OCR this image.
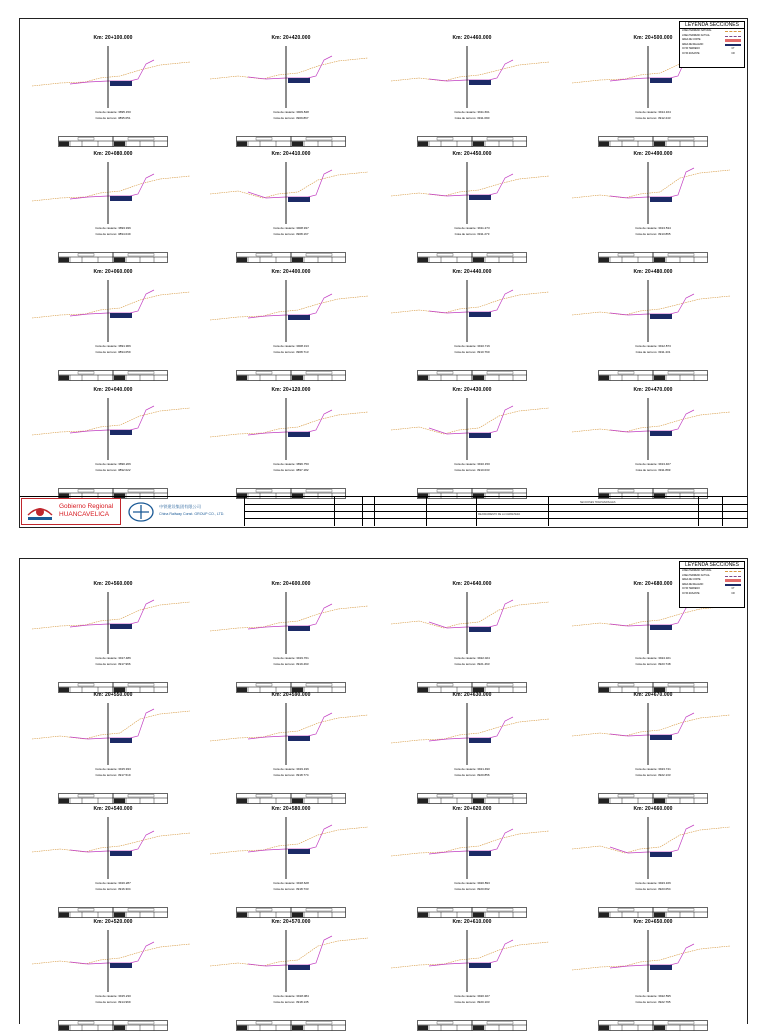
Km: 20+100.000
Cota de rasante: 3895.150
Cota de terreno: 3895.051
Km: 20+420.000
Cota de rasante: 3909.848
Cota de terreno: 3909.867
Km: 20+460.000
Cota de rasante: 3911.661
Cota de terreno: 3911.090
Km: 20+500.000
Cota de rasante: 3914.164
Cota de terreno: 3912.243
Km: 20+080.000
Cota de rasante: 3893.936
Cota de terreno: 3894.049
Km: 20+410.000
Cota de rasante: 3908.937
Cota de terreno: 3908.167
Km: 20+450.000
Cota de rasante: 3911.273
Cota de terreno: 3911.273
Km: 20+490.000
Cota de rasante: 3913.534
Cota de terreno: 3913.865
Km: 20+060.000
Cota de rasante: 3891.966
Cota de terreno: 3894.059
Km: 20+400.000
Cota de rasante: 3908.313
Cota de terreno: 3908.713
Km: 20+440.000
Cota de rasante: 3910.716
Cota de terreno: 3910.760
Km: 20+480.000
Cota de rasante: 3912.873
Cota de terreno: 3911.431
Km: 20+040.000
Cota de rasante: 3890.206
Cota de terreno: 3892.022
Km: 20+120.000
Cota de rasante: 3896.750
Cota de terreno: 3897.182
Km: 20+430.000
Cota de rasante: 3910.150
Cota de terreno: 3910.033
Km: 20+470.000
Cota de rasante: 3913.407
Cota de terreno: 3911.899
LEYENDA SECCIONES
LINEA TERRENO NATURAL
LINEA TERRENO ACTUAL
AREA DE CORTE
AREA DE RELLENO
COTA TERRENO	CT
COTA RASANTE	CR
Gobierno Regional
HUANCAVELICA
中铁建设集团有限公司
China Railway Const. GROUP CO., LTD.	MEJORAMIENTO DE LA CARRETERA
SECCIONES TRANSVERSALES
Km: 20+560.000
Cota de rasante: 3917.486
Cota de terreno: 3917.966
Km: 20+600.000
Cota de rasante: 3919.761
Cota de terreno: 3919.493
Km: 20+640.000
Cota de rasante: 3922.024
Cota de terreno: 3921.463
Km: 20+680.000
Cota de rasante: 3924.321
Cota de terreno: 3923.748
Km: 20+550.000
Cota de rasante: 3915.933
Cota de terreno: 3917.519
Km: 20+590.000
Cota de rasante: 3919.196
Cota de terreno: 3918.774
Km: 20+630.000
Cota de rasante: 3921.490
Cota de terreno: 3920.856
Km: 20+670.000
Cota de rasante: 3923.741
Cota de terreno: 3922.133
Km: 20+540.000
Cota de rasante: 3916.287
Cota de terreno: 3916.304
Km: 20+580.000
Cota de rasante: 3918.628
Cota de terreno: 3918.733
Km: 20+620.000
Cota de rasante: 3920.893
Cota de terreno: 3920.692
Km: 20+660.000
Cota de rasante: 3923.166
Cota de terreno: 3923.054
Km: 20+520.000
Cota de rasante: 3915.230
Cota de terreno: 3914.969
Km: 20+570.000
Cota de rasante: 3918.084
Cota de terreno: 3918.135
Km: 20+610.000
Cota de rasante: 3920.327
Cota de terreno: 3920.103
Km: 20+650.000
Cota de rasante: 3922.595
Cota de terreno: 3922.795
LEYENDA SECCIONES
LINEA TERRENO NATURAL
LINEA TERRENO ACTUAL
AREA DE CORTE
AREA DE RELLENO
COTA TERRENO	CT
COTA RASANTE	CR
